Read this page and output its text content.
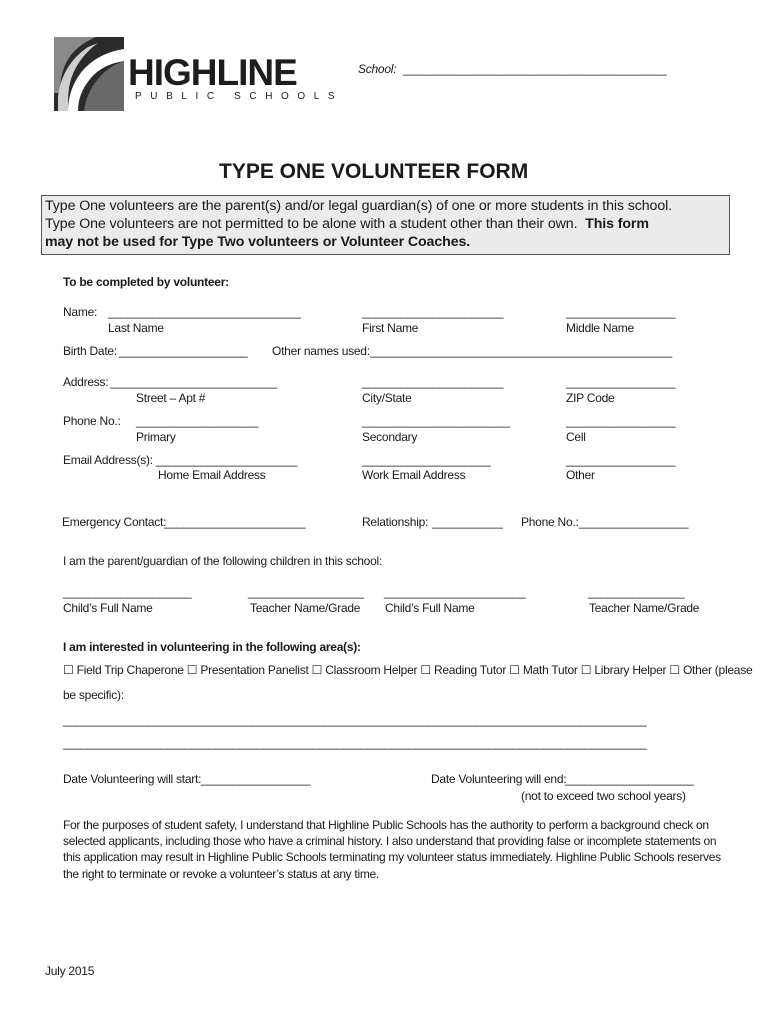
HIGHLINE
PUBLIC SCHOOLS
School: _________________________________________
TYPE ONE VOLUNTEER FORM
Type One volunteers are the parent(s) and/or legal guardian(s) of one or more students in this school.
Type One volunteers are not permitted to be alone with a student other than their own. This form
may not be used for Type Two volunteers or Volunteer Coaches.
To be completed by volunteer:
Name: ______________________________	______________________	_________________
Last Name	First Name	Middle Name
Birth Date: ____________________ Other names used: _______________________________________________
Address: __________________________	______________________	_________________
Street – Apt #	City/State	ZIP Code
Phone No.: ___________________	_______________________	_________________
Primary	Secondary	Cell
Email Address(s): ______________________	____________________	_________________
Home Email Address	Work Email Address	Other
Emergency Contact:
______________________	Relationship: ___________ Phone No.: _________________
I am the parent/guardian of the following children in this school:
____________________	__________________ ______________________	_______________
Child’s Full Name	Teacher Name/Grade Child’s Full Name	Teacher Name/Grade
I am interested in volunteering in the following area(s):
☐ Field Trip Chaperone ☐ Presentation Panelist ☐ Classroom Helper ☐ Reading Tutor ☐ Math Tutor ☐ Library Helper ☐ Other (please
be specific):
________________________________________________________________________________________________
________________________________________________________________________________________________
Date Volunteering will start: _________________	Date Volunteering will end:
____________________
(not to exceed two school years)
For the purposes of student safety, I understand that Highline Public Schools has the authority to perform a background check on selected applicants, including those who have a criminal history. I also understand that providing false or incomplete statements on this application may result in Highline Public Schools terminating my volunteer status immediately. Highline Public Schools reserves the right to terminate or revoke a volunteer’s status at any time.
July 2015
